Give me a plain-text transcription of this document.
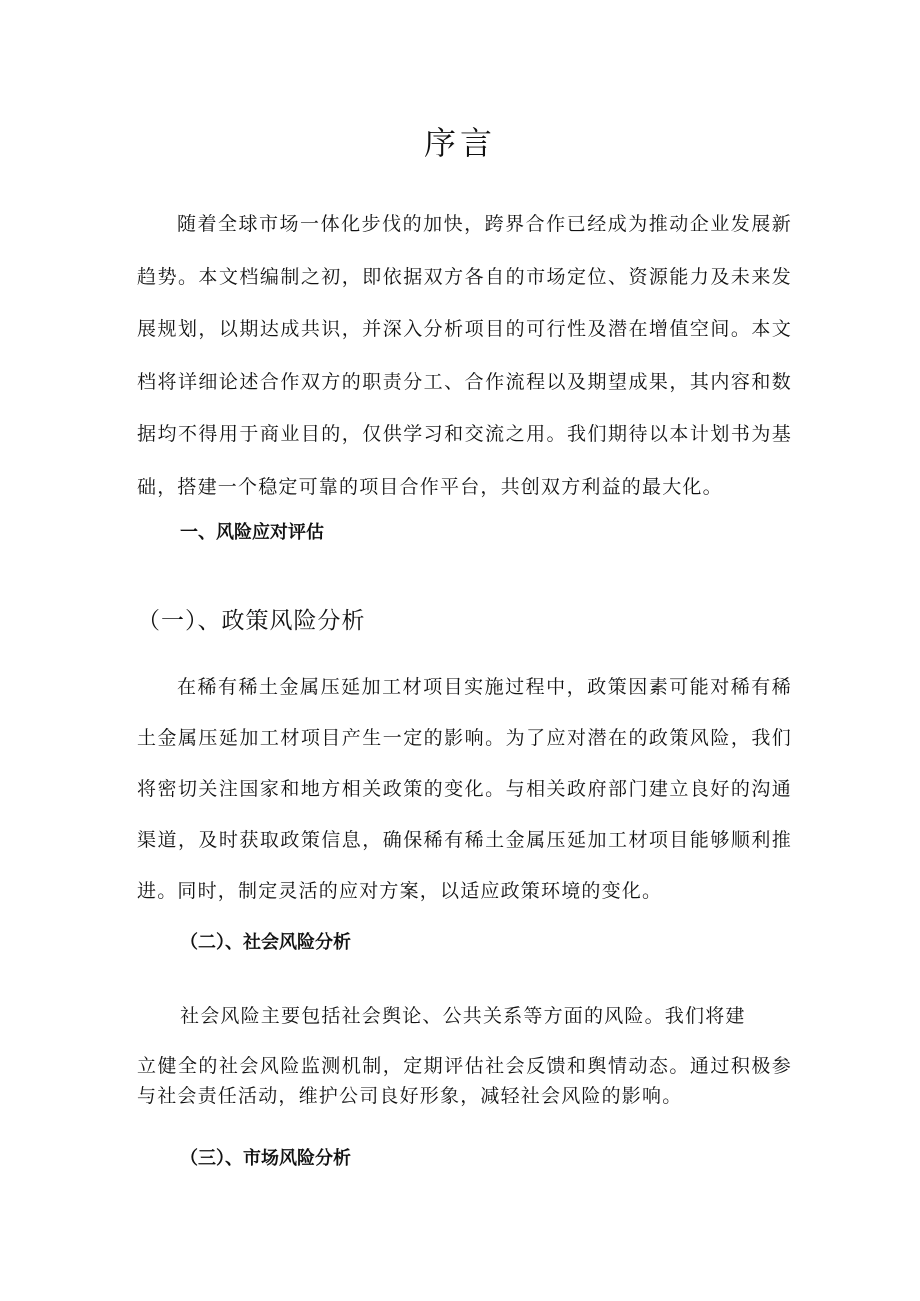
序言

随着全球市场一体化步伐的加快，跨界合作已经成为推动企业发展新趋势。本文档编制之初，即依据双方各自的市场定位、资源能力及未来发展规划，以期达成共识，并深入分析项目的可行性及潜在增值空间。本文档将详细论述合作双方的职责分工、合作流程以及期望成果，其内容和数据均不得用于商业目的，仅供学习和交流之用。我们期待以本计划书为基础，搭建一个稳定可靠的项目合作平台，共创双方利益的最大化。

一、风险应对评估
（一）、政策风险分析

在稀有稀土金属压延加工材项目实施过程中，政策因素可能对稀有稀土金属压延加工材项目产生一定的影响。为了应对潜在的政策风险，我们将密切关注国家和地方相关政策的变化。与相关政府部门建立良好的沟通渠道，及时获取政策信息，确保稀有稀土金属压延加工材项目能够顺利推进。同时，制定灵活的应对方案，以适应政策环境的变化。

（二）、社会风险分析

社会风险主要包括社会舆论、公共关系等方面的风险。我们将建

立健全的社会风险监测机制，定期评估社会反馈和舆情动态。通过积极参与社会责任活动，维护公司良好形象，减轻社会风险的影响。

（三）、市场风险分析
